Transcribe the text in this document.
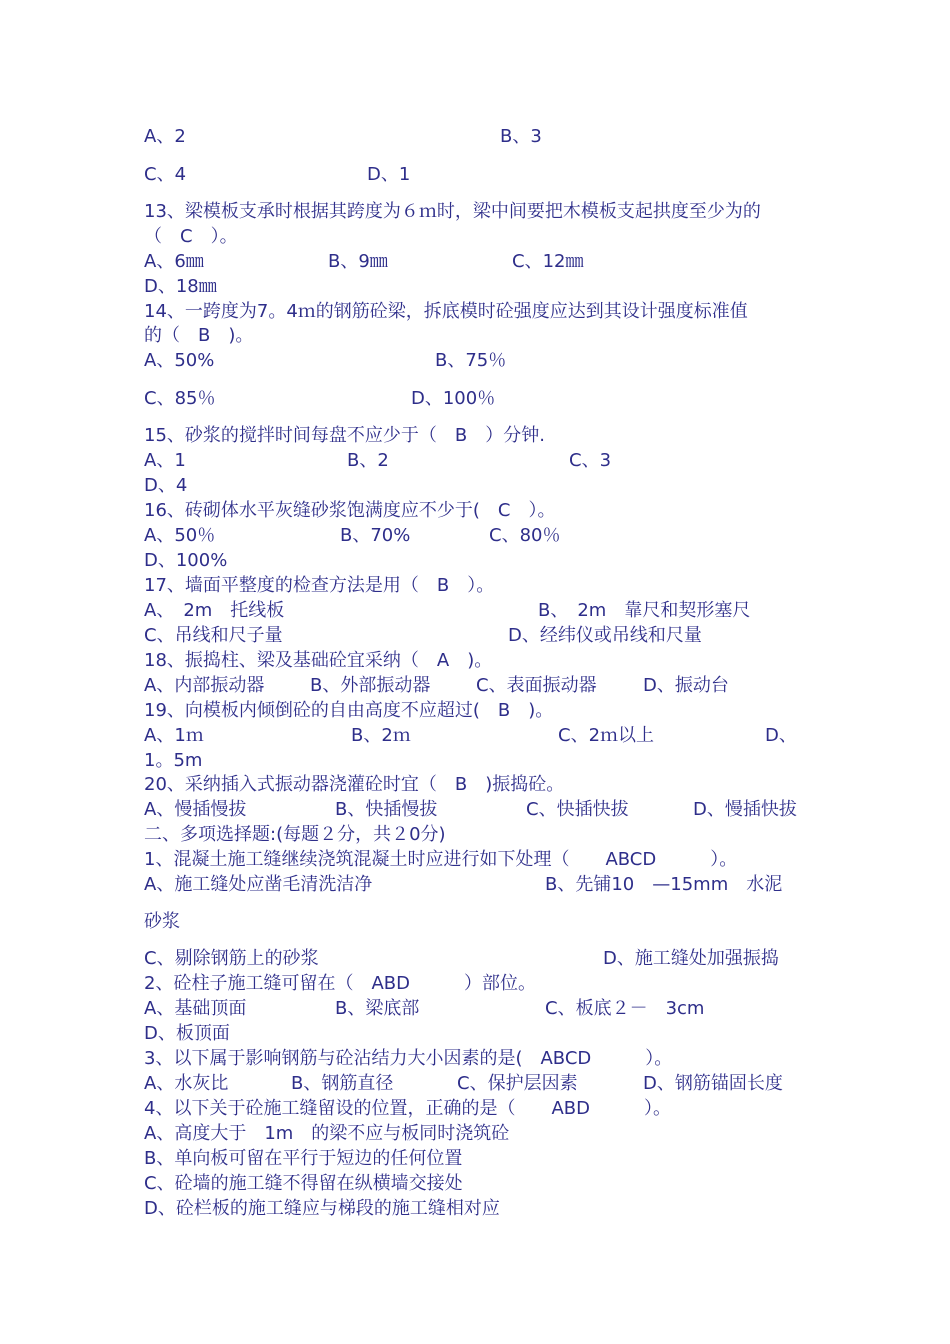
A、2	B、3
C、4	D、1
13、梁模板支承时根据其跨度为６ｍ时，梁中间要把木模板支起拱度至少为的
（　C　）。
A、6㎜	B、9㎜	C、12㎜
D、18㎜
14、一跨度为7。4ｍ的钢筋砼梁，拆底模时砼强度应达到其设计强度标准值
的（　B　)。
A、50%	B、75％
C、85％	D、100％
15、砂浆的搅拌时间每盘不应少于（　B　）分钟.
A、1	B、2	C、3
D、4
16、砖砌体水平灰缝砂浆饱满度应不少于(　C　）。
A、50％	B、70%	C、80％
D、100%
17、墙面平整度的检查方法是用（　B　）。
A、　2m　托线板	B、　2m　靠尺和契形塞尺
C、吊线和尺子量	D、经纬仪或吊线和尺量
18、振捣柱、梁及基础砼宜采纳（　A　)。
A、内部振动器	B、外部振动器	C、表面振动器	D、振动台
19、向模板内倾倒砼的自由高度不应超过(　B　)。
A、1ｍ	B、2ｍ	C、2ｍ以上	D、
1。5m
20、采纳插入式振动器浇灌砼时宜（　B　)振捣砼。
A、慢插慢拔	B、快插慢拔	C、快插快拔	D、慢插快拔
二、多项选择题:(每题２分，共２0分)
1、混凝土施工缝继续浇筑混凝土时应进行如下处理（　　ABCD　　　）。
A、施工缝处应凿毛清洗洁净	B、先铺10　—15mm　水泥
砂浆
C、剔除钢筋上的砂浆	D、施工缝处加强振捣
2、砼柱子施工缝可留在（　ABD　　　）部位。
A、基础顶面	B、梁底部	C、板底２－　3cm
D、板顶面
3、以下属于影响钢筋与砼沾结力大小因素的是(　ABCD　　　）。
A、水灰比	B、钢筋直径	C、保护层因素	D、钢筋锚固长度
4、以下关于砼施工缝留设的位置，正确的是（　　ABD　　　）。
A、高度大于　1m　的梁不应与板同时浇筑砼
B、单向板可留在平行于短边的任何位置
C、砼墙的施工缝不得留在纵横墙交接处
D、砼栏板的施工缝应与梯段的施工缝相对应
